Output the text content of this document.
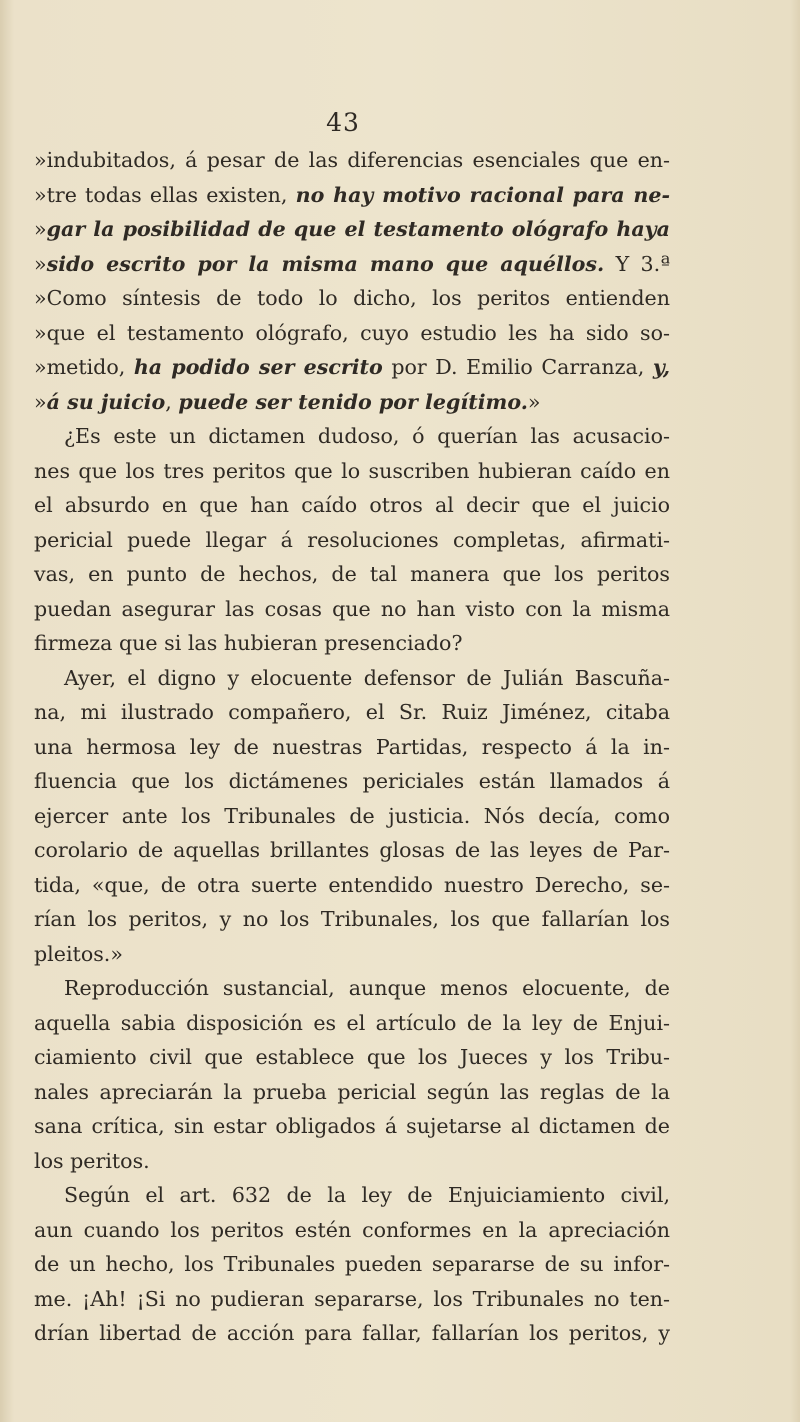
43
»indubitados, á pesar de las diferencias esenciales que en-
»tre todas ellas existen, no hay motivo racional para ne-
»gar la posibilidad de que el testamento ológrafo haya
»sido escrito por la misma mano que aquéllos. Y 3.ª
»Como síntesis de todo lo dicho, los peritos entienden
»que el testamento ológrafo, cuyo estudio les ha sido so-
»metido, ha podido ser escrito por D. Emilio Carranza, y,
»á su juicio, puede ser tenido por legítimo.»
¿Es este un dictamen dudoso, ó querían las acusacio-
nes que los tres peritos que lo suscriben hubieran caído en
el absurdo en que han caído otros al decir que el juicio
pericial puede llegar á resoluciones completas, afirmati-
vas, en punto de hechos, de tal manera que los peritos
puedan asegurar las cosas que no han visto con la misma
firmeza que si las hubieran presenciado?
Ayer, el digno y elocuente defensor de Julián Bascuña-
na, mi ilustrado compañero, el Sr. Ruiz Jiménez, citaba
una hermosa ley de nuestras Partidas, respecto á la in-
fluencia que los dictámenes periciales están llamados á
ejercer ante los Tribunales de justicia. Nós decía, como
corolario de aquellas brillantes glosas de las leyes de Par-
tida, «que, de otra suerte entendido nuestro Derecho, se-
rían los peritos, y no los Tribunales, los que fallarían los
pleitos.»
Reproducción sustancial, aunque menos elocuente, de
aquella sabia disposición es el artículo de la ley de Enjui-
ciamiento civil que establece que los Jueces y los Tribu-
nales apreciarán la prueba pericial según las reglas de la
sana crítica, sin estar obligados á sujetarse al dictamen de
los peritos.
Según el art. 632 de la ley de Enjuiciamiento civil,
aun cuando los peritos estén conformes en la apreciación
de un hecho, los Tribunales pueden separarse de su infor-
me. ¡Ah! ¡Si no pudieran separarse, los Tribunales no ten-
drían libertad de acción para fallar, fallarían los peritos, y
